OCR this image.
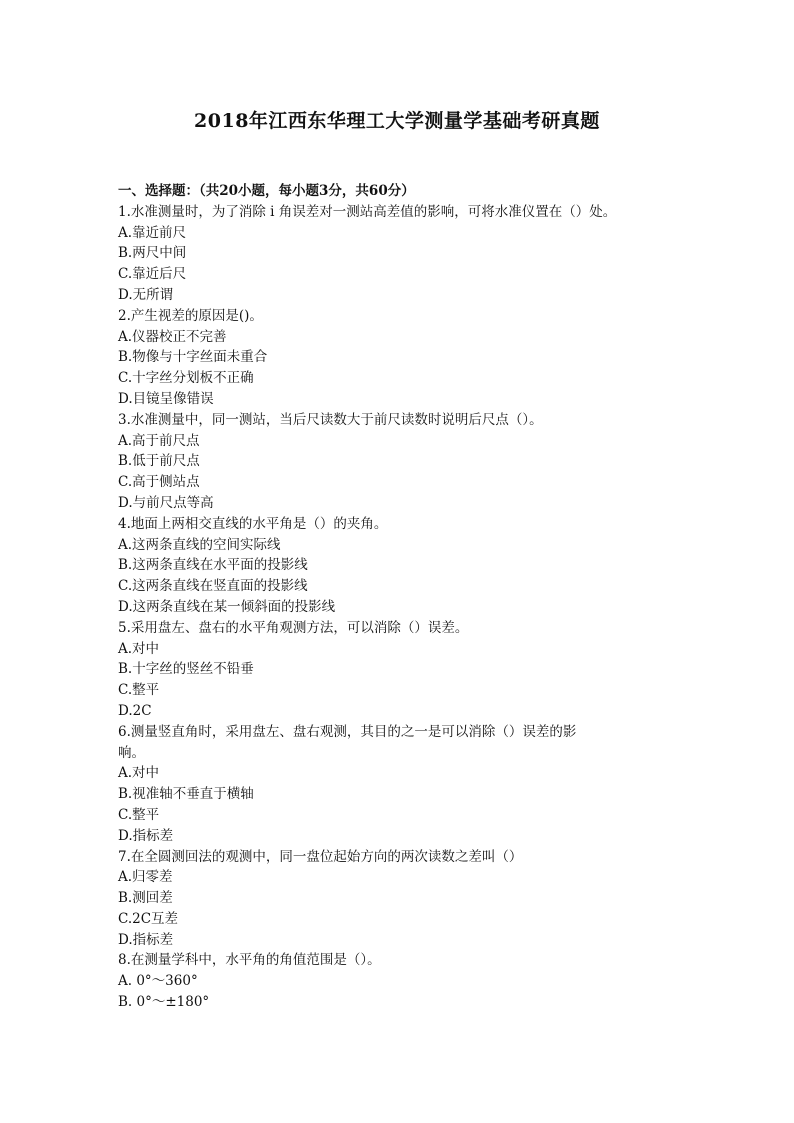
2018年江西东华理工大学测量学基础考研真题
一、选择题：（共20小题，每小题3分，共60分）
1.水准测量时，为了消除 i 角误差对一测站高差值的影响，可将水准仪置在（）处。
A.靠近前尺
B.两尺中间
C.靠近后尺
D.无所谓
2.产生视差的原因是()。
A.仪器校正不完善
B.物像与十字丝面未重合
C.十字丝分划板不正确
D.目镜呈像错误
3.水准测量中，同一测站，当后尺读数大于前尺读数时说明后尺点（）。
A.高于前尺点
B.低于前尺点
C.高于侧站点
D.与前尺点等高
4.地面上两相交直线的水平角是（）的夹角。
A.这两条直线的空间实际线
B.这两条直线在水平面的投影线
C.这两条直线在竖直面的投影线
D.这两条直线在某一倾斜面的投影线
5.采用盘左、盘右的水平角观测方法，可以消除（）误差。
A.对中
B.十字丝的竖丝不铅垂
C.整平
D.2C
6.测量竖直角时，采用盘左、盘右观测，其目的之一是可以消除（）误差的影
响。
A.对中
B.视准轴不垂直于横轴
C.整平
D.指标差
7.在全圆测回法的观测中，同一盘位起始方向的两次读数之差叫（）
A.归零差
B.测回差
C.2C互差
D.指标差
8.在测量学科中，水平角的角值范围是（）。
A. 0°～360°
B. 0°～±180°
